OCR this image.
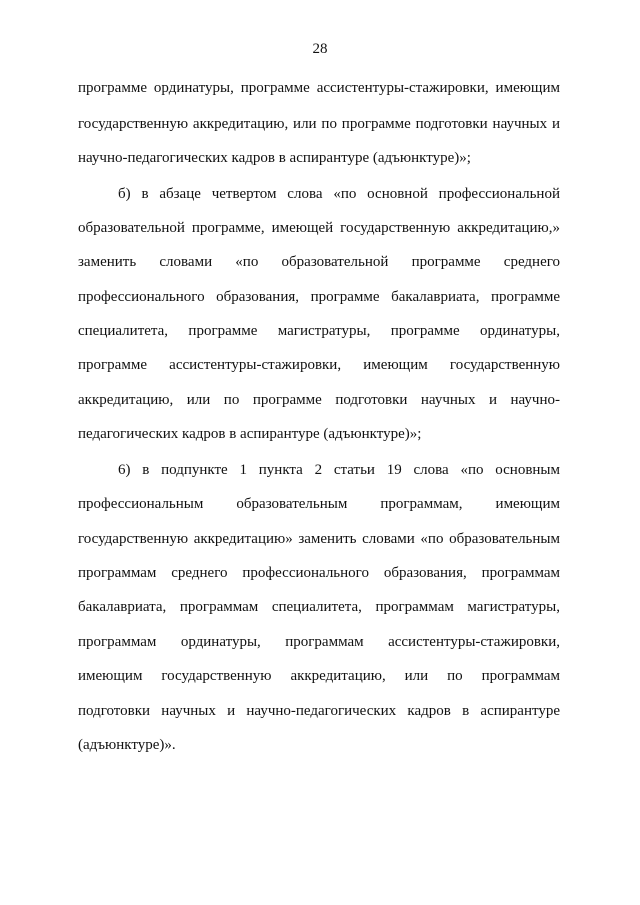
28
программе ординатуры, программе ассистентуры-стажировки, имеющим
государственную аккредитацию, или по программе подготовки научных и
научно-педагогических кадров в аспирантуре (адъюнктуре)»;
б) в абзаце четвертом слова «по основной профессиональной
образовательной программе, имеющей государственную аккредитацию,»
заменить словами «по образовательной программе среднего
профессионального образования, программе бакалавриата, программе
специалитета, программе магистратуры, программе ординатуры,
программе ассистентуры-стажировки, имеющим государственную
аккредитацию, или по программе подготовки научных и научно-
педагогических кадров в аспирантуре (адъюнктуре)»;
6) в подпункте 1 пункта 2 статьи 19 слова «по основным
профессиональным образовательным программам, имеющим
государственную аккредитацию» заменить словами «по образовательным
программам среднего профессионального образования, программам
бакалавриата, программам специалитета, программам магистратуры,
программам ординатуры, программам ассистентуры-стажировки,
имеющим государственную аккредитацию, или по программам
подготовки научных и научно-педагогических кадров в аспирантуре
(адъюнктуре)».
